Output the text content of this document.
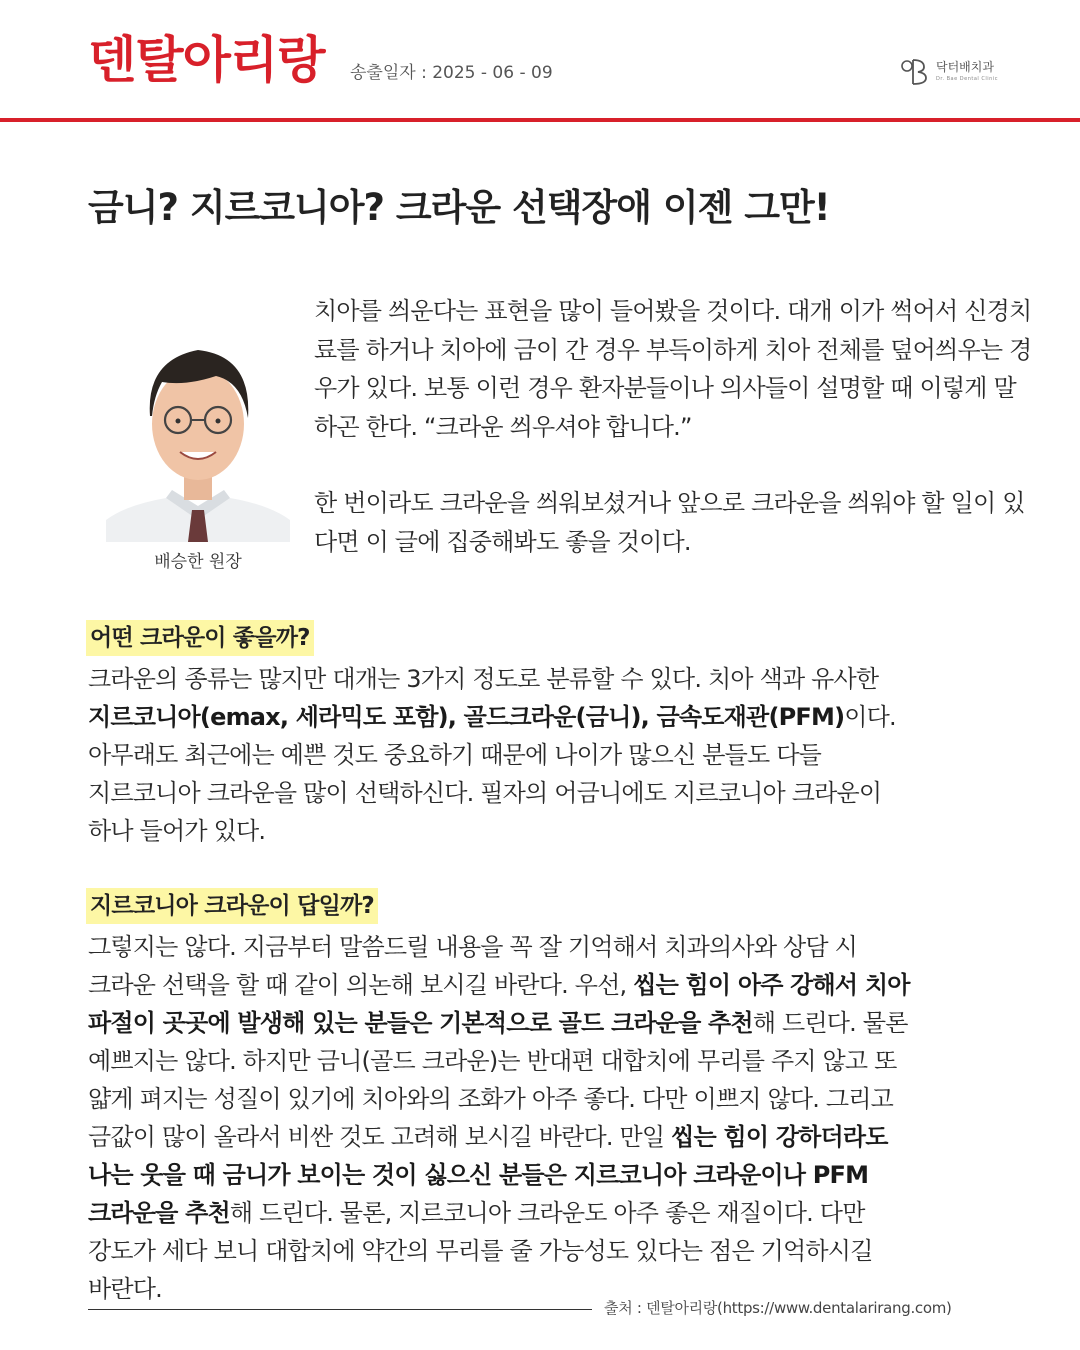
덴탈아리랑 송출일자 : 2025 - 06 - 09	닥터배치과
Dr. Bae Dental Clinic
금니? 지르코니아? 크라운 선택장애 이젠 그만!
배승한 원장

치아를 씌운다는 표현을 많이 들어봤을 것이다. 대개 이가 썩어서 신경치료를 하거나 치아에 금이 간 경우 부득이하게 치아 전체를 덮어씌우는 경우가 있다. 보통 이런 경우 환자분들이나 의사들이 설명할 때 이렇게 말하곤 한다. “크라운 씌우셔야 합니다.”

한 번이라도 크라운을 씌워보셨거나 앞으로 크라운을 씌워야 할 일이 있다면 이 글에 집중해봐도 좋을 것이다.

어떤 크라운이 좋을까?
크라운의 종류는 많지만 대개는 3가지 정도로 분류할 수 있다. 치아 색과 유사한
지르코니아(emax, 세라믹도 포함), 골드크라운(금니), 금속도재관(PFM)이다.
아무래도 최근에는 예쁜 것도 중요하기 때문에 나이가 많으신 분들도 다들
지르코니아 크라운을 많이 선택하신다. 필자의 어금니에도 지르코니아 크라운이
하나 들어가 있다.
지르코니아 크라운이 답일까?
그렇지는 않다. 지금부터 말씀드릴 내용을 꼭 잘 기억해서 치과의사와 상담 시
크라운 선택을 할 때 같이 의논해 보시길 바란다. 우선, 씹는 힘이 아주 강해서 치아
파절이 곳곳에 발생해 있는 분들은 기본적으로 골드 크라운을 추천해 드린다. 물론
예쁘지는 않다. 하지만 금니(골드 크라운)는 반대편 대합치에 무리를 주지 않고 또
얇게 펴지는 성질이 있기에 치아와의 조화가 아주 좋다. 다만 이쁘지 않다. 그리고
금값이 많이 올라서 비싼 것도 고려해 보시길 바란다. 만일 씹는 힘이 강하더라도
나는 웃을 때 금니가 보이는 것이 싫으신 분들은 지르코니아 크라운이나 PFM
크라운을 추천해 드린다. 물론, 지르코니아 크라운도 아주 좋은 재질이다. 다만
강도가 세다 보니 대합치에 약간의 무리를 줄 가능성도 있다는 점은 기억하시길
바란다.
출처 : 덴탈아리랑(https://www.dentalarirang.com)
